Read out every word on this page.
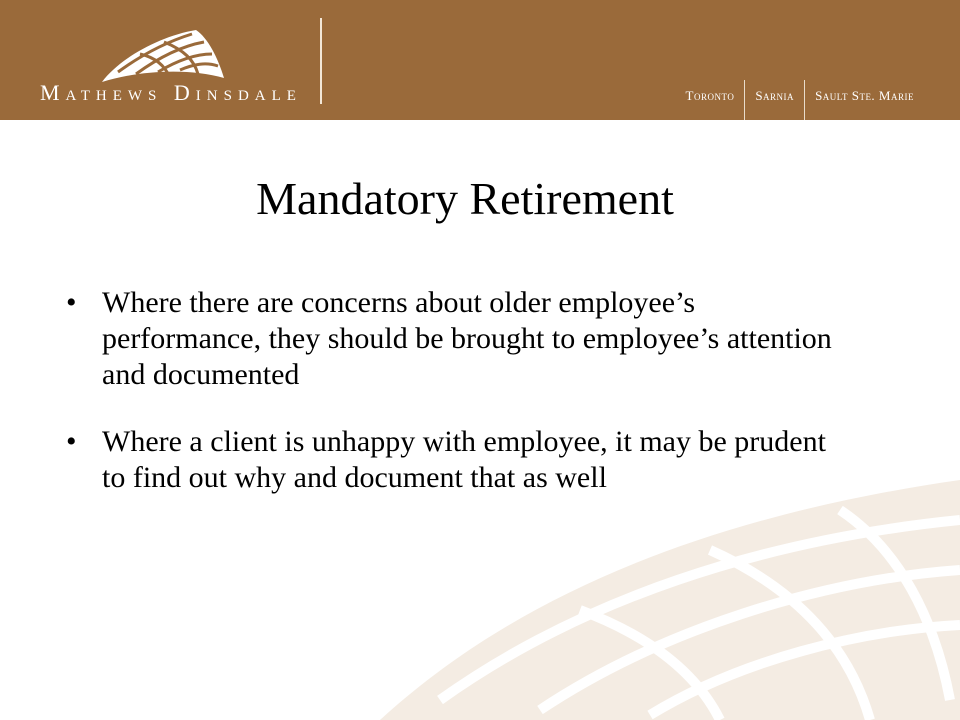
Mathews Dinsdale	Toronto	Sarnia	Sault Ste. Marie
Mandatory Retirement
• Where there are concerns about older employee’s performance, they should be brought to employee’s attention and documented
• Where a client is unhappy with employee, it may be prudent to find out why and document that as well
